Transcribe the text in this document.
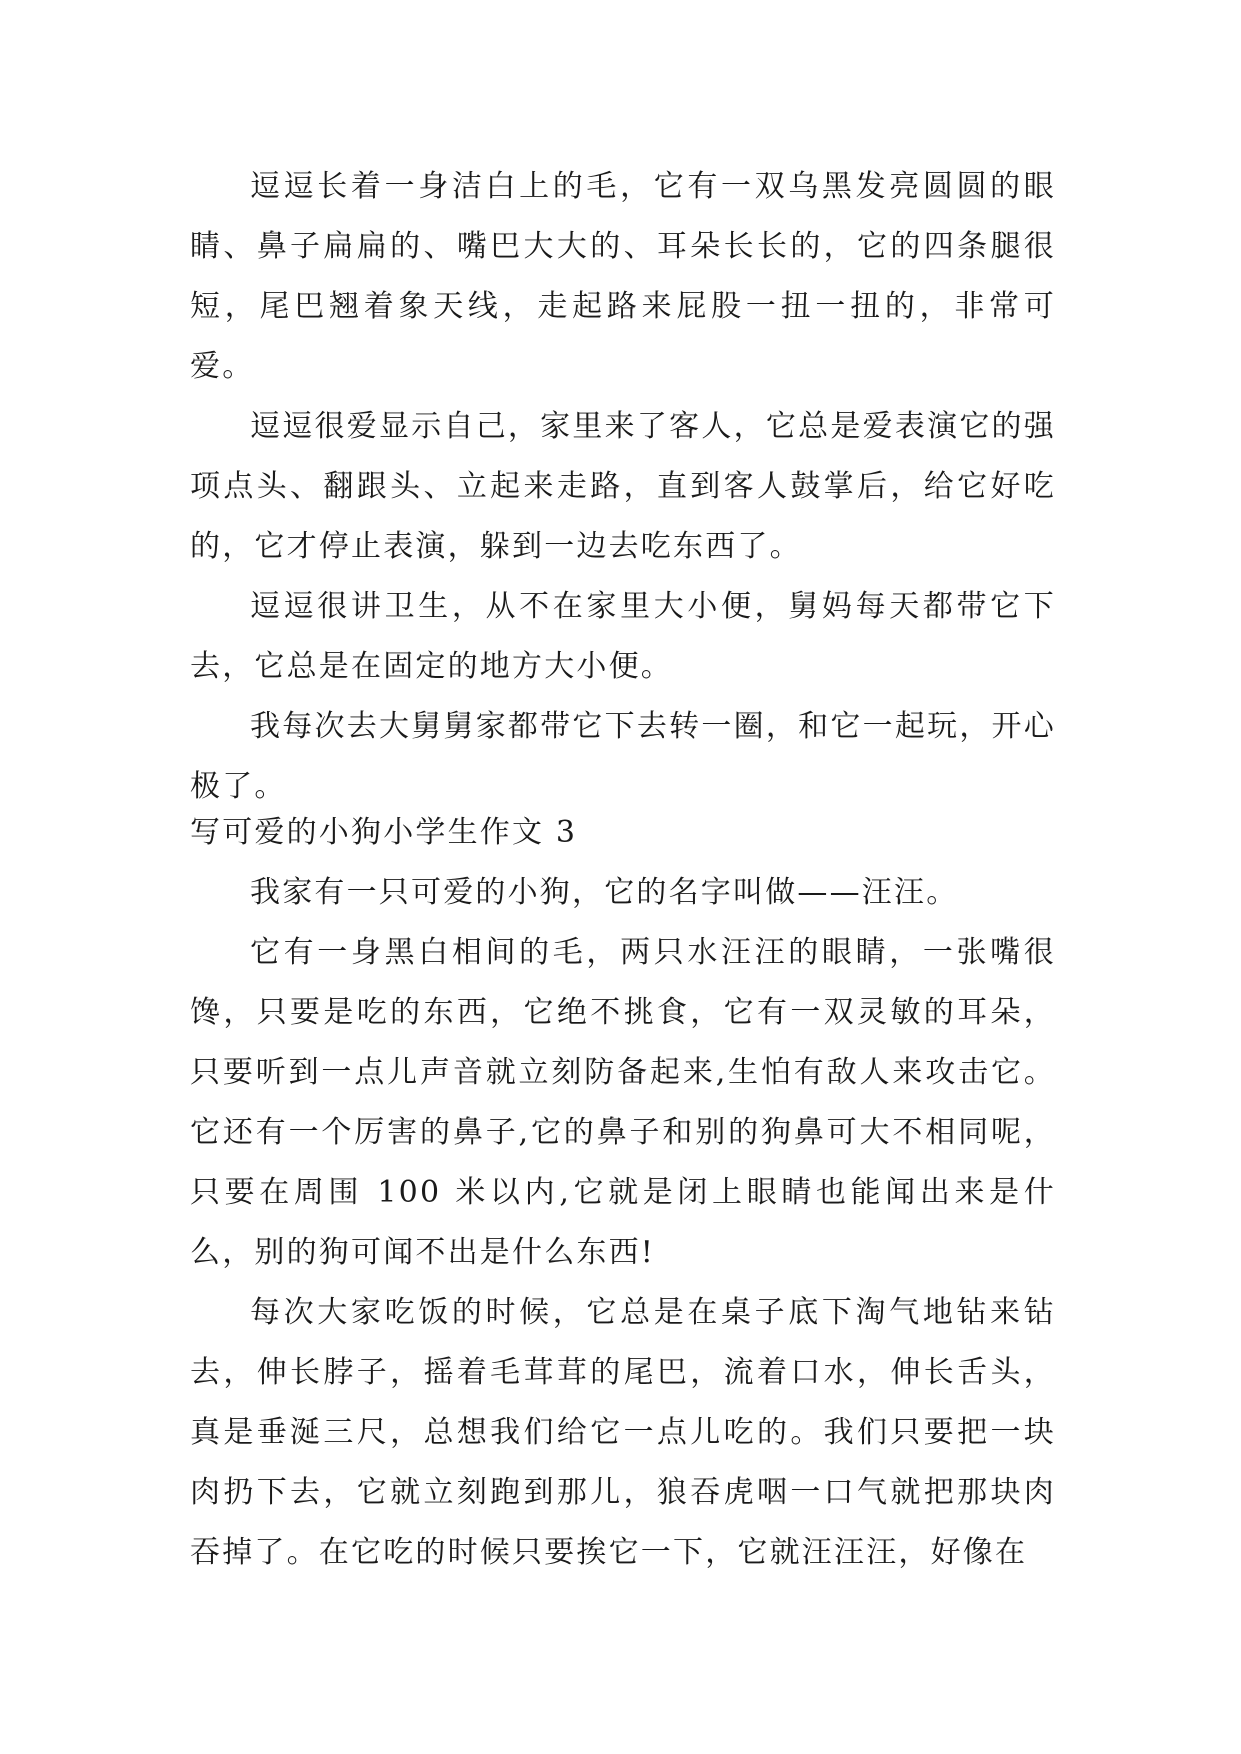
逗逗长着一身洁白上的毛，它有一双乌黑发亮圆圆的眼睛、鼻子扁扁的、嘴巴大大的、耳朵长长的，它的四条腿很短，尾巴翘着象天线，走起路来屁股一扭一扭的，非常可爱。

逗逗很爱显示自己，家里来了客人，它总是爱表演它的强项点头、翻跟头、立起来走路，直到客人鼓掌后，给它好吃的，它才停止表演，躲到一边去吃东西了。

逗逗很讲卫生，从不在家里大小便，舅妈每天都带它下去，它总是在固定的地方大小便。

我每次去大舅舅家都带它下去转一圈，和它一起玩，开心极了。

写可爱的小狗小学生作文 3

我家有一只可爱的小狗，它的名字叫做——汪汪。

它有一身黑白相间的毛，两只水汪汪的眼睛，一张嘴很馋，只要是吃的东西，它绝不挑食，它有一双灵敏的耳朵，只要听到一点儿声音就立刻防备起来,生怕有敌人来攻击它。它还有一个厉害的鼻子,它的鼻子和别的狗鼻可大不相同呢，只要在周围 100 米以内,它就是闭上眼睛也能闻出来是什么，别的狗可闻不出是什么东西!

每次大家吃饭的时候，它总是在桌子底下淘气地钻来钻去，伸长脖子，摇着毛茸茸的尾巴，流着口水，伸长舌头，真是垂涎三尺，总想我们给它一点儿吃的。我们只要把一块肉扔下去，它就立刻跑到那儿，狼吞虎咽一口气就把那块肉吞掉了。在它吃的时候只要挨它一下，它就汪汪汪，好像在
